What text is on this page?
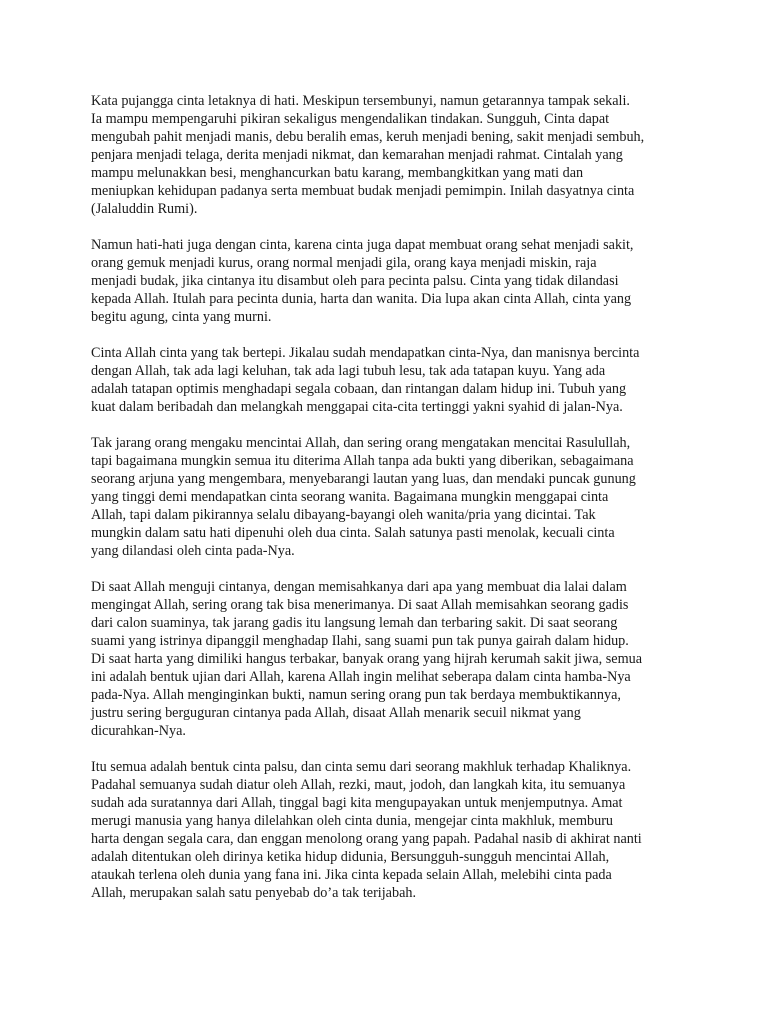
Kata pujangga cinta letaknya di hati. Meskipun tersembunyi, namun getarannya tampak sekali.
Ia mampu mempengaruhi pikiran sekaligus mengendalikan tindakan. Sungguh, Cinta dapat
mengubah pahit menjadi manis, debu beralih emas, keruh menjadi bening, sakit menjadi sembuh,
penjara menjadi telaga, derita menjadi nikmat, dan kemarahan menjadi rahmat. Cintalah yang
mampu melunakkan besi, menghancurkan batu karang, membangkitkan yang mati dan
meniupkan kehidupan padanya serta membuat budak menjadi pemimpin. Inilah dasyatnya cinta
(Jalaluddin Rumi).

Namun hati-hati juga dengan cinta, karena cinta juga dapat membuat orang sehat menjadi sakit,
orang gemuk menjadi kurus, orang normal menjadi gila, orang kaya menjadi miskin, raja
menjadi budak, jika cintanya itu disambut oleh para pecinta palsu. Cinta yang tidak dilandasi
kepada Allah. Itulah para pecinta dunia, harta dan wanita. Dia lupa akan cinta Allah, cinta yang
begitu agung, cinta yang murni.

Cinta Allah cinta yang tak bertepi. Jikalau sudah mendapatkan cinta-Nya, dan manisnya bercinta
dengan Allah, tak ada lagi keluhan, tak ada lagi tubuh lesu, tak ada tatapan kuyu. Yang ada
adalah tatapan optimis menghadapi segala cobaan, dan rintangan dalam hidup ini. Tubuh yang
kuat dalam beribadah dan melangkah menggapai cita-cita tertinggi yakni syahid di jalan-Nya.

Tak jarang orang mengaku mencintai Allah, dan sering orang mengatakan mencitai Rasulullah,
tapi bagaimana mungkin semua itu diterima Allah tanpa ada bukti yang diberikan, sebagaimana
seorang arjuna yang mengembara, menyebarangi lautan yang luas, dan mendaki puncak gunung
yang tinggi demi mendapatkan cinta seorang wanita. Bagaimana mungkin menggapai cinta
Allah, tapi dalam pikirannya selalu dibayang-bayangi oleh wanita/pria yang dicintai. Tak
mungkin dalam satu hati dipenuhi oleh dua cinta. Salah satunya pasti menolak, kecuali cinta
yang dilandasi oleh cinta pada-Nya.

Di saat Allah menguji cintanya, dengan memisahkanya dari apa yang membuat dia lalai dalam
mengingat Allah, sering orang tak bisa menerimanya. Di saat Allah memisahkan seorang gadis
dari calon suaminya, tak jarang gadis itu langsung lemah dan terbaring sakit. Di saat seorang
suami yang istrinya dipanggil menghadap Ilahi, sang suami pun tak punya gairah dalam hidup.
Di saat harta yang dimiliki hangus terbakar, banyak orang yang hijrah kerumah sakit jiwa, semua
ini adalah bentuk ujian dari Allah, karena Allah ingin melihat seberapa dalam cinta hamba-Nya
pada-Nya. Allah menginginkan bukti, namun sering orang pun tak berdaya membuktikannya,
justru sering berguguran cintanya pada Allah, disaat Allah menarik secuil nikmat yang
dicurahkan-Nya.

Itu semua adalah bentuk cinta palsu, dan cinta semu dari seorang makhluk terhadap Khaliknya.
Padahal semuanya sudah diatur oleh Allah, rezki, maut, jodoh, dan langkah kita, itu semuanya
sudah ada suratannya dari Allah, tinggal bagi kita mengupayakan untuk menjemputnya. Amat
merugi manusia yang hanya dilelahkan oleh cinta dunia, mengejar cinta makhluk, memburu
harta dengan segala cara, dan enggan menolong orang yang papah. Padahal nasib di akhirat nanti
adalah ditentukan oleh dirinya ketika hidup didunia, Bersungguh-sungguh mencintai Allah,
ataukah terlena oleh dunia yang fana ini. Jika cinta kepada selain Allah, melebihi cinta pada
Allah, merupakan salah satu penyebab do’a tak terijabah.
